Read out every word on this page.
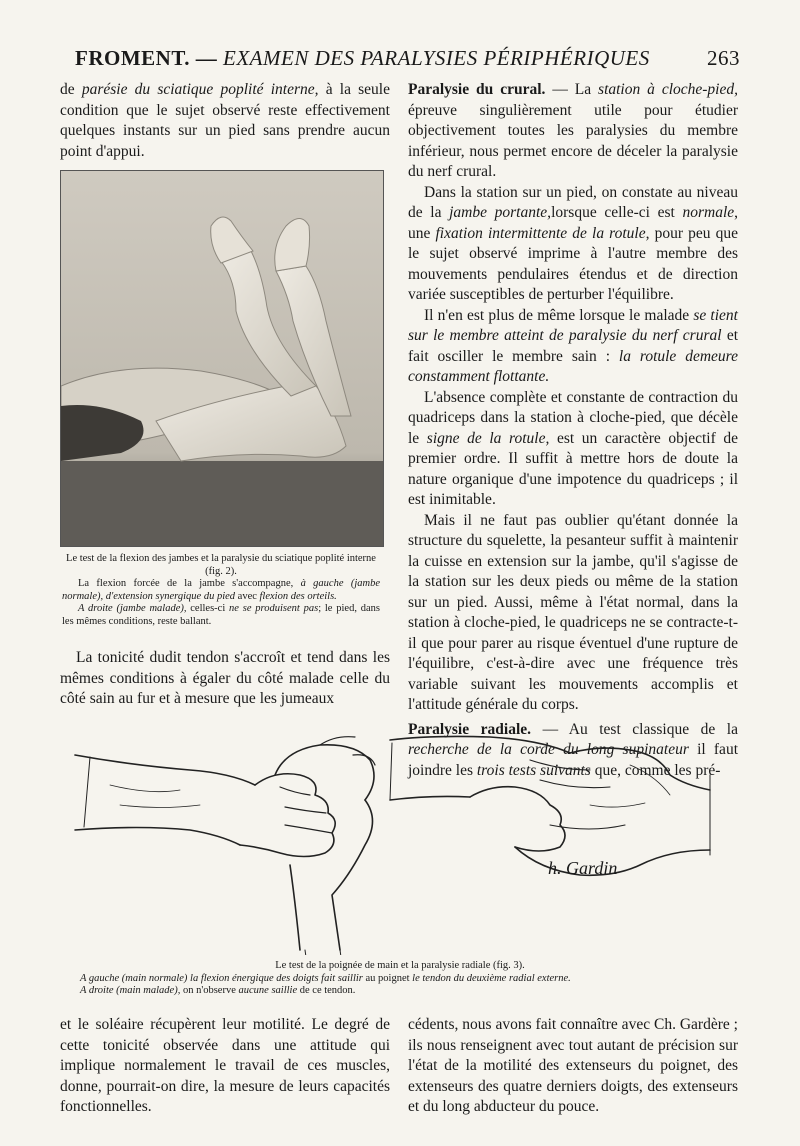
FROMENT. — EXAMEN DES PARALYSIES PÉRIPHÉRIQUES	263

de parésie du sciatique poplité interne, à la seule condition que le sujet observé reste effectivement quelques instants sur un pied sans prendre aucun point d'appui.

Le test de la flexion des jambes et la paralysie du sciatique poplité interne (fig. 2).

La flexion forcée de la jambe s'accompagne, à gauche (jambe normale), d'extension synergique du pied avec flexion des orteils.

A droite (jambe malade), celles-ci ne se produisent pas; le pied, dans les mêmes conditions, reste ballant.

La tonicité dudit tendon s'accroît et tend dans les mêmes conditions à égaler du côté malade celle du côté sain au fur et à mesure que les jumeaux

Paralysie du crural. — La station à cloche-pied, épreuve singulièrement utile pour étudier objectivement toutes les paralysies du membre inférieur, nous permet encore de déceler la paralysie du nerf crural.

Dans la station sur un pied, on constate au niveau de la jambe portante,lorsque celle-ci est normale, une fixation intermittente de la rotule, pour peu que le sujet observé imprime à l'autre membre des mouvements pendulaires étendus et de direction variée susceptibles de perturber l'équilibre.

Il n'en est plus de même lorsque le malade se tient sur le membre atteint de paralysie du nerf crural et fait osciller le membre sain : la rotule demeure constamment flottante.

L'absence complète et constante de contraction du quadriceps dans la station à cloche-pied, que décèle le signe de la rotule, est un caractère objectif de premier ordre. Il suffit à mettre hors de doute la nature organique d'une impotence du quadriceps ; il est inimitable.

Mais il ne faut pas oublier qu'étant donnée la structure du squelette, la pesanteur suffit à maintenir la cuisse en extension sur la jambe, qu'il s'agisse de la station sur les deux pieds ou même de la station sur un pied. Aussi, même à l'état normal, dans la station à cloche-pied, le quadriceps ne se contracte-t-il que pour parer au risque éventuel d'une rupture de l'équilibre, c'est-à-dire avec une fréquence très variable suivant les mouvements accomplis et l'attitude générale du corps.

Paralysie radiale. — Au test classique de la recherche de la corde du long supinateur il faut joindre les trois tests suivants que, comme les pré-

h. Gardin

Le test de la poignée de main et la paralysie radiale (fig. 3).

A gauche (main normale) la flexion énergique des doigts fait saillir au poignet le tendon du deuxième radial externe.

A droite (main malade), on n'observe aucune saillie de ce tendon.

et le soléaire récupèrent leur motilité. Le degré de cette tonicité observée dans une attitude qui implique normalement le travail de ces muscles, donne, pourrait-on dire, la mesure de leurs capacités fonctionnelles.

cédents, nous avons fait connaître avec Ch. Gardère ; ils nous renseignent avec tout autant de précision sur l'état de la motilité des extenseurs du poignet, des extenseurs des quatre derniers doigts, des extenseurs et du long abducteur du pouce.
